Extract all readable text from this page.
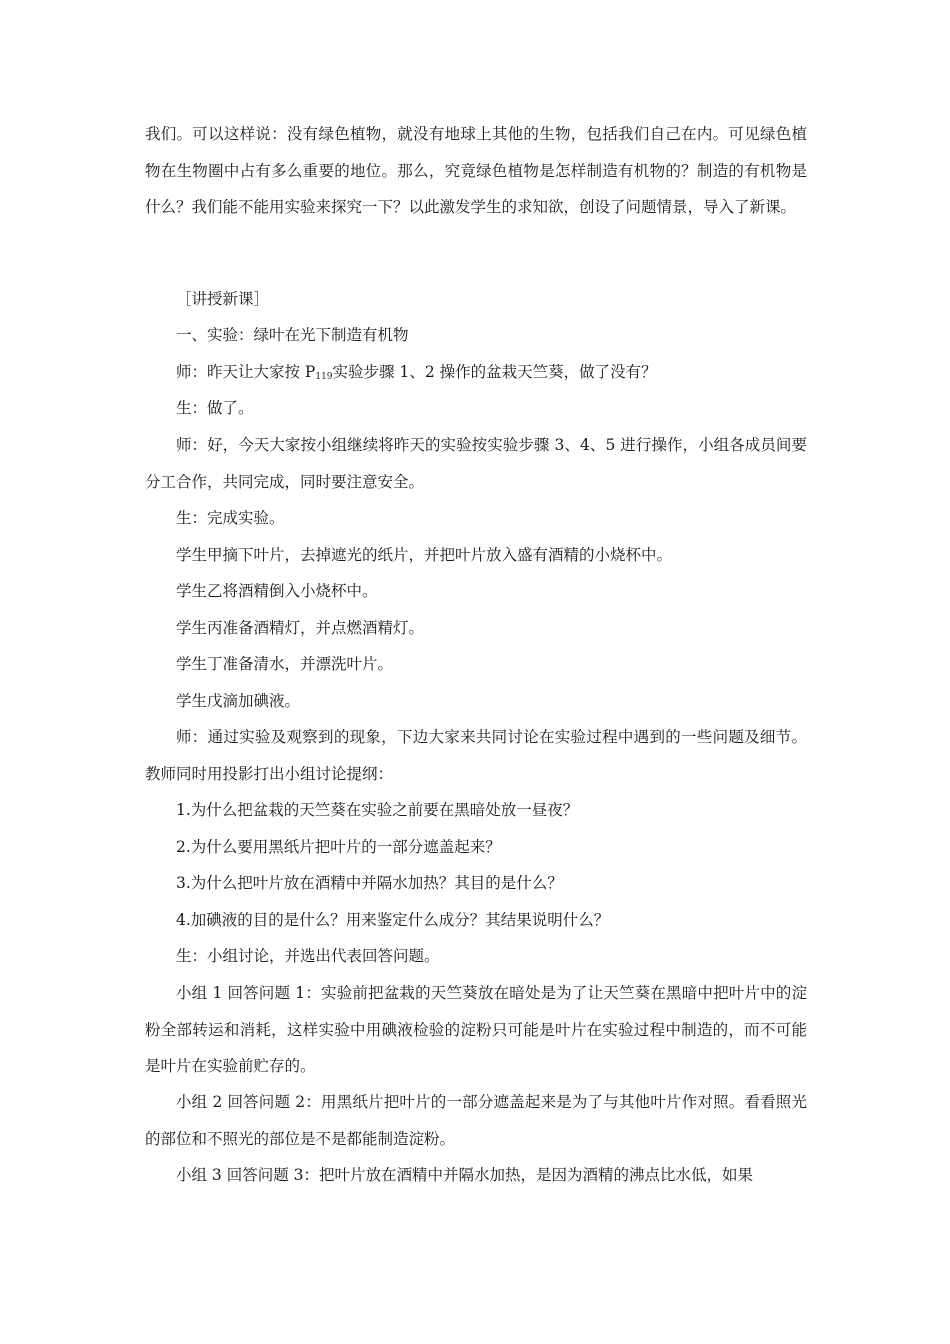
我们。可以这样说：没有绿色植物，就没有地球上其他的生物，包括我们自己在内。可见绿色植物在生物圈中占有多么重要的地位。那么，究竟绿色植物是怎样制造有机物的？制造的有机物是什么？我们能不能用实验来探究一下？以此激发学生的求知欲，创设了问题情景，导入了新课。

［讲授新课］

一、实验：绿叶在光下制造有机物

师：昨天让大家按 $P_{119}$实验步骤 1、2 操作的盆栽天竺葵，做了没有？

生：做了。

师：好，今天大家按小组继续将昨天的实验按实验步骤 3、4、5 进行操作，小组各成员间要分工合作，共同完成，同时要注意安全。

生：完成实验。

学生甲摘下叶片，去掉遮光的纸片，并把叶片放入盛有酒精的小烧杯中。

学生乙将酒精倒入小烧杯中。

学生丙准备酒精灯，并点燃酒精灯。

学生丁准备清水，并漂洗叶片。

学生戊滴加碘液。

师：通过实验及观察到的现象，下边大家来共同讨论在实验过程中遇到的一些问题及细节。教师同时用投影打出小组讨论提纲：

1.为什么把盆栽的天竺葵在实验之前要在黑暗处放一昼夜？

2.为什么要用黑纸片把叶片的一部分遮盖起来？

3.为什么把叶片放在酒精中并隔水加热？其目的是什么？

4.加碘液的目的是什么？用来鉴定什么成分？其结果说明什么？

生：小组讨论，并选出代表回答问题。

小组 1 回答问题 1：实验前把盆栽的天竺葵放在暗处是为了让天竺葵在黑暗中把叶片中的淀粉全部转运和消耗，这样实验中用碘液检验的淀粉只可能是叶片在实验过程中制造的，而不可能是叶片在实验前贮存的。

小组 2 回答问题 2：用黑纸片把叶片的一部分遮盖起来是为了与其他叶片作对照。看看照光的部位和不照光的部位是不是都能制造淀粉。

小组 3 回答问题 3：把叶片放在酒精中并隔水加热，是因为酒精的沸点比水低，如果
